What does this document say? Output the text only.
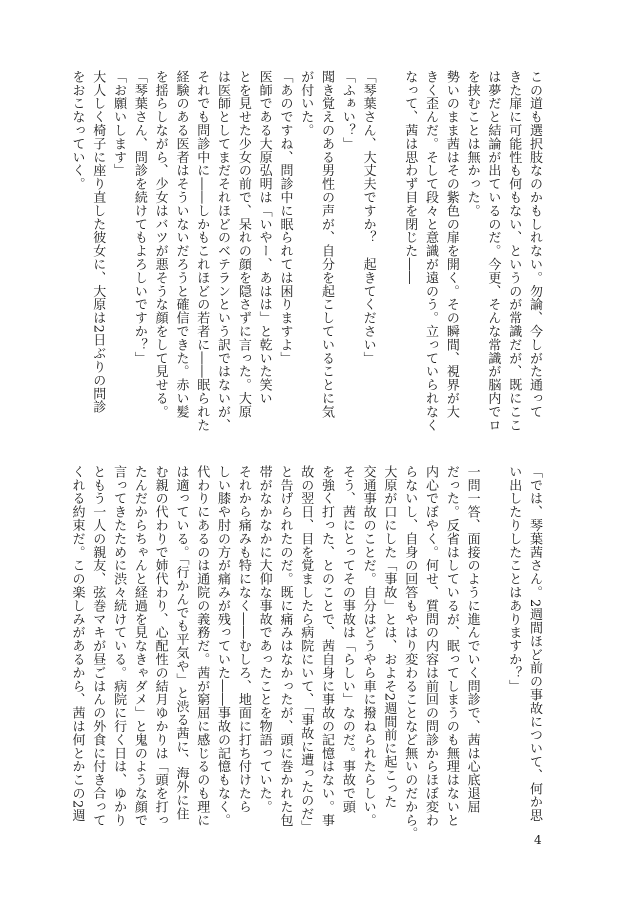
この道も選択肢なのかもしれない。勿論、今しがた通って
きた扉に可能性も何もない、というのが常識だが、既にここ
は夢だと結論が出ているのだ。今更、そんな常識が脳内でロ
を挟むことは無かった。
勢いのまま茜はその紫色の扉を開く。その瞬間、視界が大
きく歪んだ。そして段々と意識が遠のう。立っていられなく
なって、茜は思わず目を閉じた――

「琴葉さん、大丈夫ですか？　起きてください」
「ふぁい？」
聞き覚えのある男性の声が、自分を起こしていることに気
が付いた。
「あのですね、問診中に眠られては困りますよ」
医師である大原弘明は「いやー、あはは」と乾いた笑い
とを見せた少女の前で、呆れの顔を隠さずに言った。大原
は医師としてまだそれほどのベテランという訳ではないが、
それでも問診中に――しかもこれほどの若者に――眠られた
経験のある医者はそういないだろうと確信できた。赤い髪
を揺らしながら、少女はバツが悪そうな顔をして見せる。
「琴葉さん、問診を続けてもよろしいですか？」
「お願いします」
大人しく椅子に座り直した彼女に、大原は2日ぶりの問診
をおこなっていく。
「では、琴葉茜さん。2週間ほど前の事故について、何か思
い出したりしたことはありますか？」

一問一答、面接のように進んでいく問診で、茜は心底退屈
だった。反省はしているが、眠ってしまうのも無理はないと
内心でぼやく。何せ、質問の内容は前回の問診からほぼ変わ
らないし、自身の回答もやはり変わることなど無いのだから。
大原が口にした「事故」とは、およそ2週間前に起こった
交通事故のことだ。自分はどうやら車に撥ねられたらしい。
そう、茜にとってその事故は「らしい」なのだ。事故で頭
を強く打った、とのことで、茜自身に事故の記憶はない。事
故の翌日、目を覚ましたら病院にいて、「事故に遭ったのだ」
と告げられたのだ。既に痛みはなかったが、頭に巻かれた包
帯がなかなかに大仰な事故であったことを物語っていた。
それから痛みも特になく――むしろ、地面に打ち付けたら
しい膝や肘の方が痛みが残っていた――事故の記憶もなく。
代わりにあるのは通院の義務だ。茜が窮屈に感じるのも理に
は適っている。「行かんでも平気や」と渋る茜に、海外に住
む親の代わりで姉代わり、心配性の結月ゆかりは「頭を打っ
たんだからちゃんと経過を見なきゃダメ」と鬼のような顔で
言ってきたために渋々続けている。病院に行く日は、ゆかり
ともう一人の親友、弦巻マキが昼ごはんの外食に付き合って
くれる約束だ。この楽しみがあるから、茜は何とかこの2週
4
